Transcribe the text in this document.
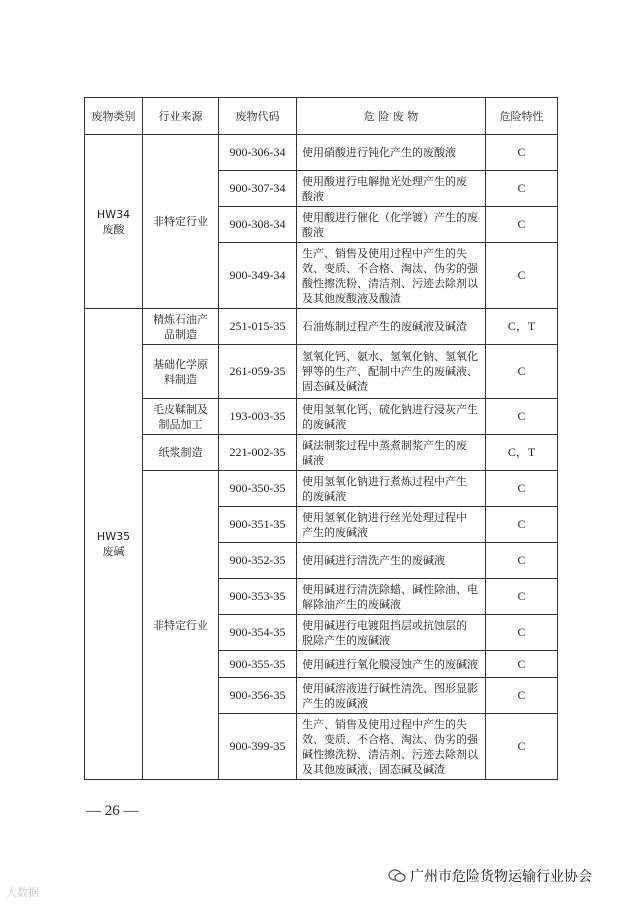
废物类别	行业来源	废物代码	危 险 废 物	危险特性

HW34
废酸	非特定行业	900-306-34	使用硝酸进行钝化产生的废酸液	C
		900-307-34	使用酸进行电解抛光处理产生的废
酸液	C
		900-308-34	使用酸进行催化（化学镀）产生的废
酸液	C
		900-349-34	生产、销售及使用过程中产生的失
效、变质、不合格、淘汰、伪劣的强
酸性擦洗粉、清洁剂、污迹去除剂以
及其他废酸液及酸渣	C

HW35
废碱	精炼石油产
品制造	251-015-35	石油炼制过程产生的废碱液及碱渣	C，T

	基础化学原
料制造	261-059-35	氢氧化钙、氨水、氢氧化钠、氢氧化
钾等的生产、配制中产生的废碱液、
固态碱及碱渣	C

	毛皮鞣制及
制品加工	193-003-35	使用氢氧化钙、硫化钠进行浸灰产生
的废碱液	C

	纸浆制造	221-002-35	碱法制浆过程中蒸煮制浆产生的废
碱液	C，T
	非特定行业	900-350-35	使用氢氧化钠进行煮炼过程中产生
的废碱液	C
		900-351-35	使用氢氧化钠进行丝光处理过程中
产生的废碱液	C
		900-352-35	使用碱进行清洗产生的废碱液	C
		900-353-35	使用碱进行清洗除蜡、碱性除油、电
解除油产生的废碱液	C
		900-354-35	使用碱进行电镀阻挡层或抗蚀层的
脱除产生的废碱液	C
		900-355-35	使用碱进行氧化膜浸蚀产生的废碱液	C
		900-356-35	使用碱溶液进行碱性清洗、图形显影
产生的废碱液	C
		900-399-35	生产、销售及使用过程中产生的失
效、变质、不合格、淘汰、伪劣的强
碱性擦洗粉、清洁剂、污迹去除剂以
及其他废碱液、固态碱及碱渣	C
— 26 —
大数据
广州市危险货物运输行业协会
